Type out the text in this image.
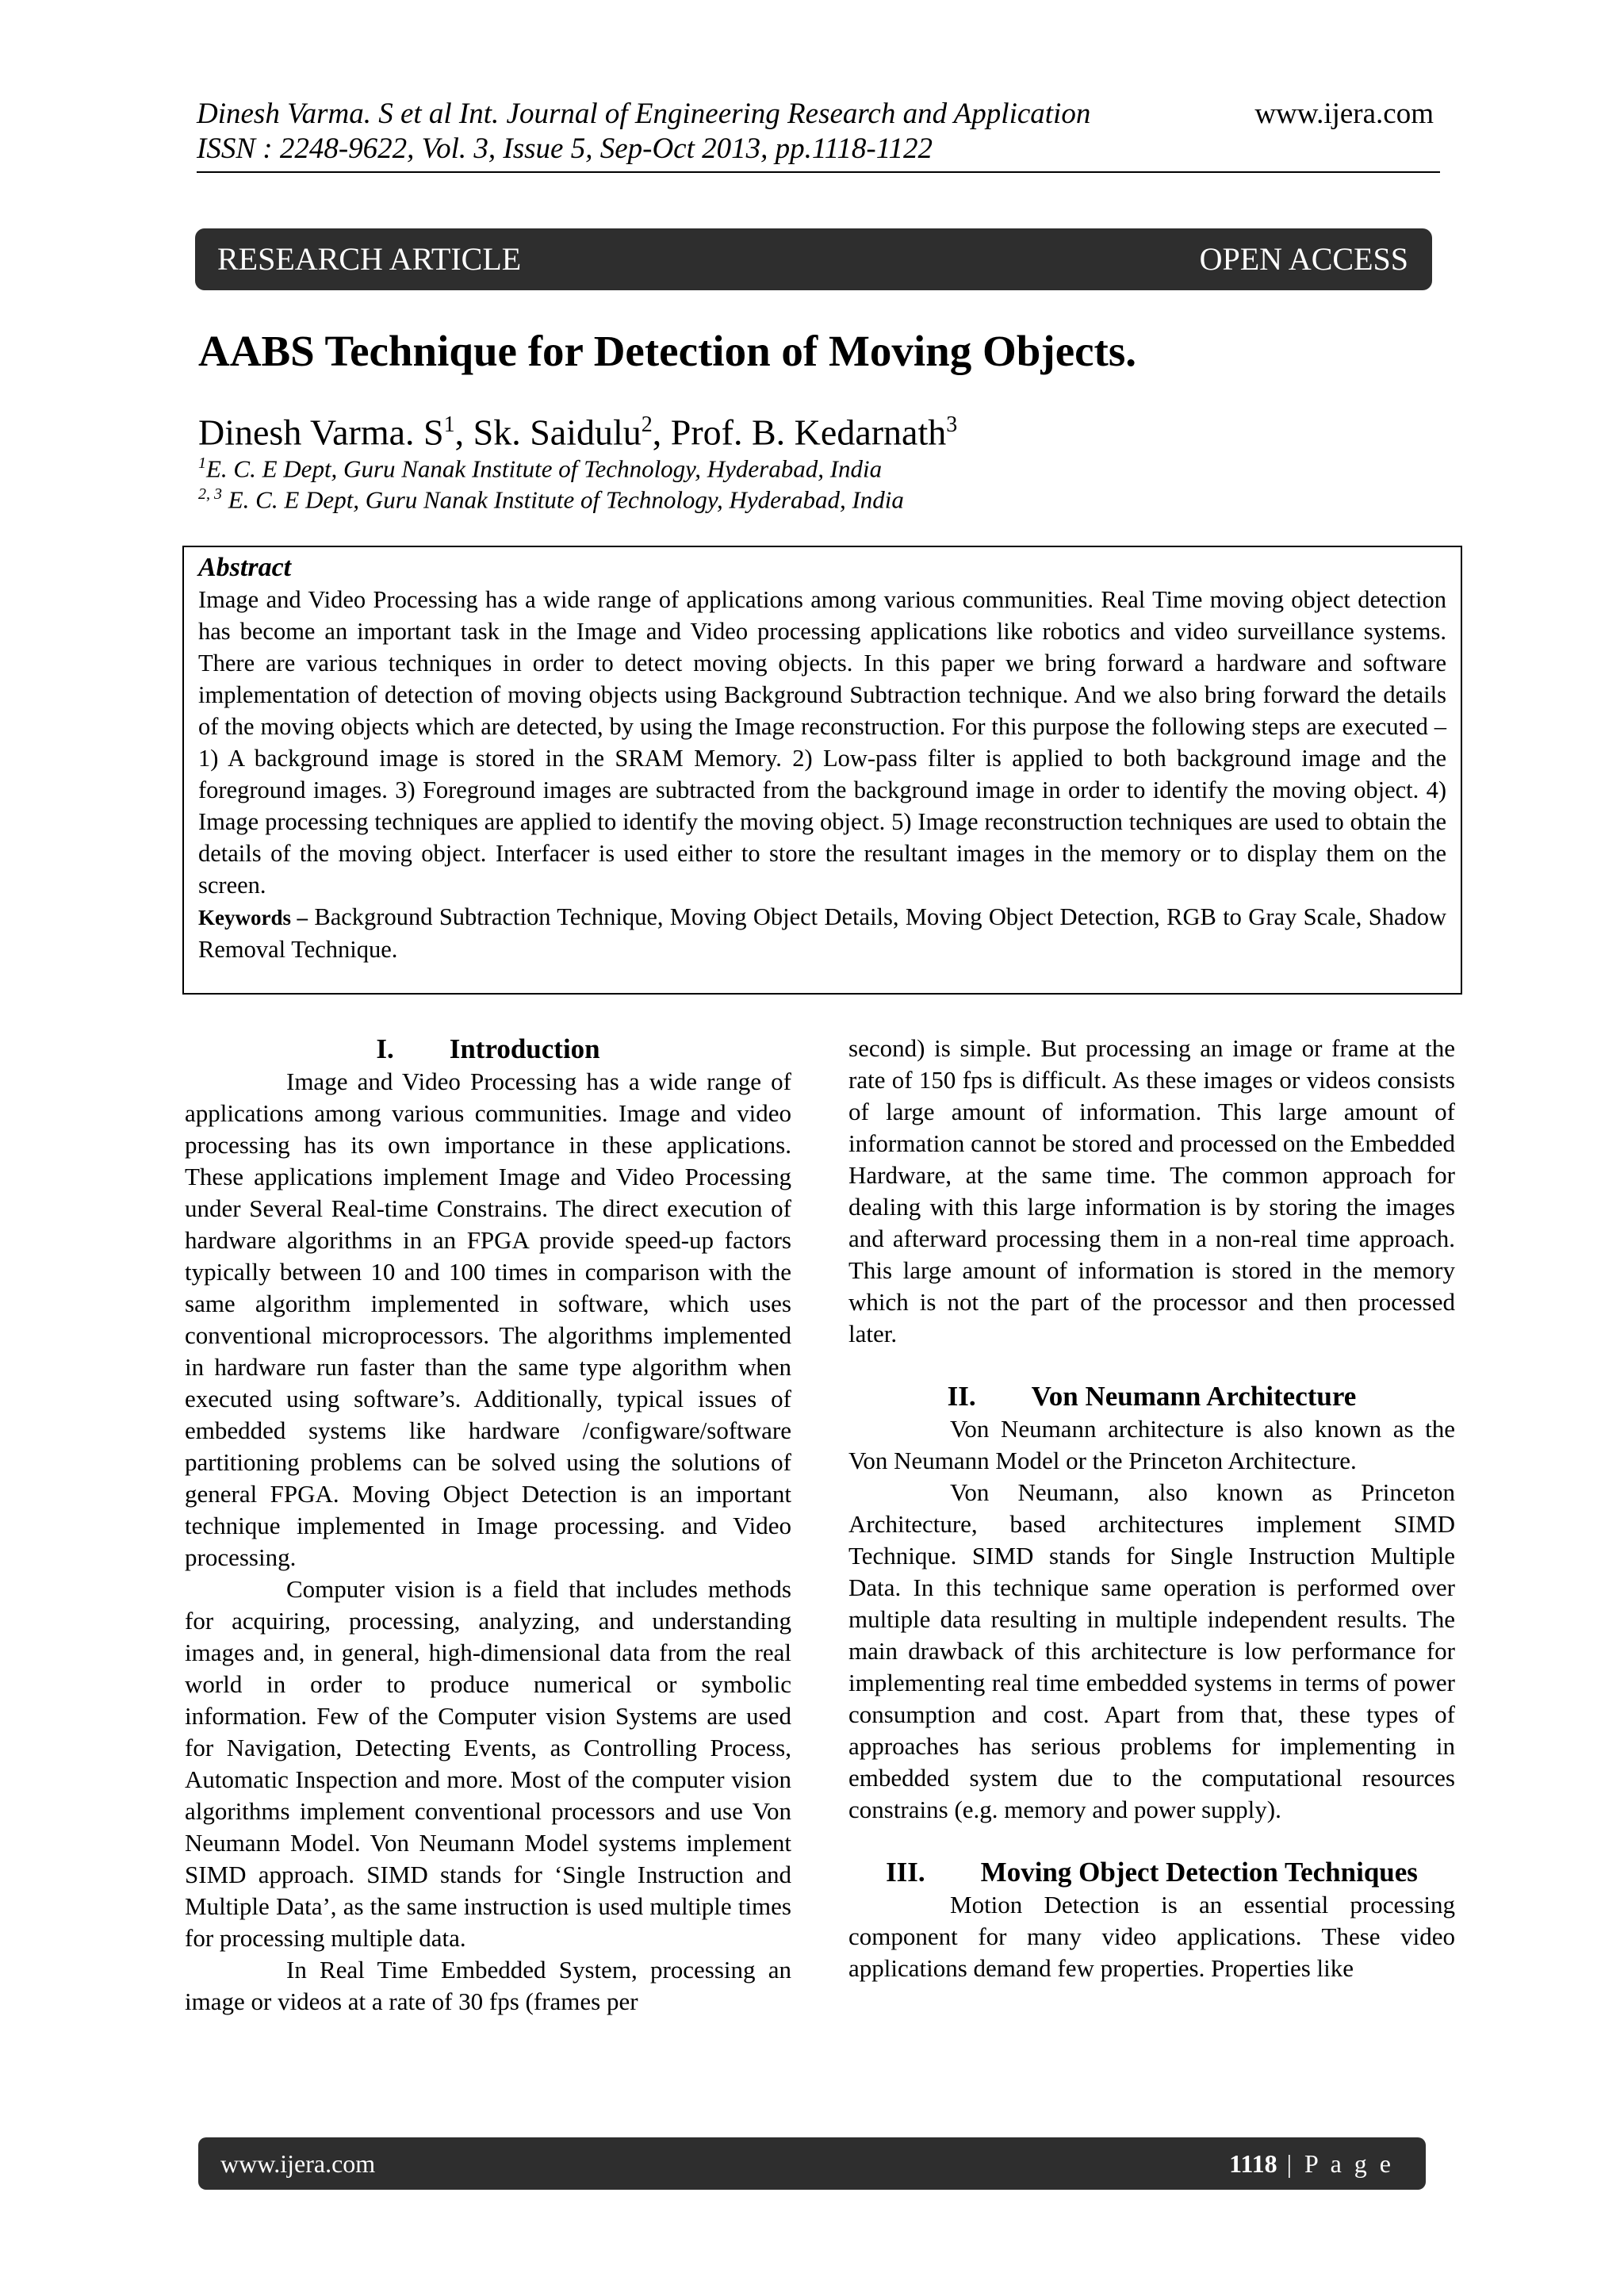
Dinesh Varma. S et al Int. Journal of Engineering Research and Application
ISSN : 2248-9622, Vol. 3, Issue 5, Sep-Oct 2013, pp.1118-1122
www.ijera.com
RESEARCH ARTICLE	OPEN ACCESS
AABS Technique for Detection of Moving Objects.
Dinesh Varma. $S^1$, Sk. Saidulu$^2$, Prof. B. Kedarnath$^3$
$^1$E. C. E Dept, Guru Nanak Institute of Technology, Hyderabad, India
$^{2, 3}$ E. C. E Dept, Guru Nanak Institute of Technology, Hyderabad, India
Abstract
Image and Video Processing has a wide range of applications among various communities. Real Time moving object detection has become an important task in the Image and Video processing applications like robotics and video surveillance systems. There are various techniques in order to detect moving objects. In this paper we bring forward a hardware and software implementation of detection of moving objects using Background Subtraction technique. And we also bring forward the details of the moving objects which are detected, by using the Image reconstruction. For this purpose the following steps are executed – 1) A background image is stored in the SRAM Memory. 2) Low-pass filter is applied to both background image and the foreground images. 3) Foreground images are subtracted from the background image in order to identify the moving object. 4) Image processing techniques are applied to identify the moving object. 5) Image reconstruction techniques are used to obtain the details of the moving object. Interfacer is used either to store the resultant images in the memory or to display them on the screen.
Keywords – Background Subtraction Technique, Moving Object Details, Moving Object Detection, RGB to Gray Scale, Shadow Removal Technique.
I.  Introduction

Image and Video Processing has a wide range of applications among various communities. Image and video processing has its own importance in these applications. These applications implement Image and Video Processing under Several Real-time Constrains. The direct execution of hardware algorithms in an FPGA provide speed-up factors typically between 10 and 100 times in comparison with the same algorithm implemented in software, which uses conventional microprocessors. The algorithms implemented in hardware run faster than the same type algorithm when executed using software’s. Additionally, typical issues of embedded systems like hardware /configware/software partitioning problems can be solved using the solutions of general FPGA. Moving Object Detection is an important technique implemented in Image processing. and Video processing.

Computer vision is a field that includes methods for acquiring, processing, analyzing, and understanding images and, in general, high-dimensional data from the real world in order to produce numerical or symbolic information. Few of the Computer vision Systems are used for Navigation, Detecting Events, as Controlling Process, Automatic Inspection and more. Most of the computer vision algorithms implement conventional processors and use Von Neumann Model. Von Neumann Model systems implement SIMD approach. SIMD stands for ‘Single Instruction and Multiple Data’, as the same instruction is used multiple times for processing multiple data.

In Real Time Embedded System, processing an image or videos at a rate of 30 fps (frames per

second) is simple. But processing an image or frame at the rate of 150 fps is difficult. As these images or videos consists of large amount of information. This large amount of information cannot be stored and processed on the Embedded Hardware, at the same time. The common approach for dealing with this large information is by storing the images and afterward processing them in a non-real time approach. This large amount of information is stored in the memory which is not the part of the processor and then processed later.

II.  Von Neumann Architecture

Von Neumann architecture is also known as the Von Neumann Model or the Princeton Architecture.

Von Neumann, also known as Princeton Architecture, based architectures implement SIMD Technique. SIMD stands for Single Instruction Multiple Data. In this technique same operation is performed over multiple data resulting in multiple independent results. The main drawback of this architecture is low performance for implementing real time embedded systems in terms of power consumption and cost. Apart from that, these types of approaches has serious problems for implementing in embedded system due to the computational resources constrains (e.g. memory and power supply).

III.  Moving Object Detection Techniques

Motion Detection is an essential processing component for many video applications. These video applications demand few properties. Properties like

www.ijera.com	1118 | P a g e
